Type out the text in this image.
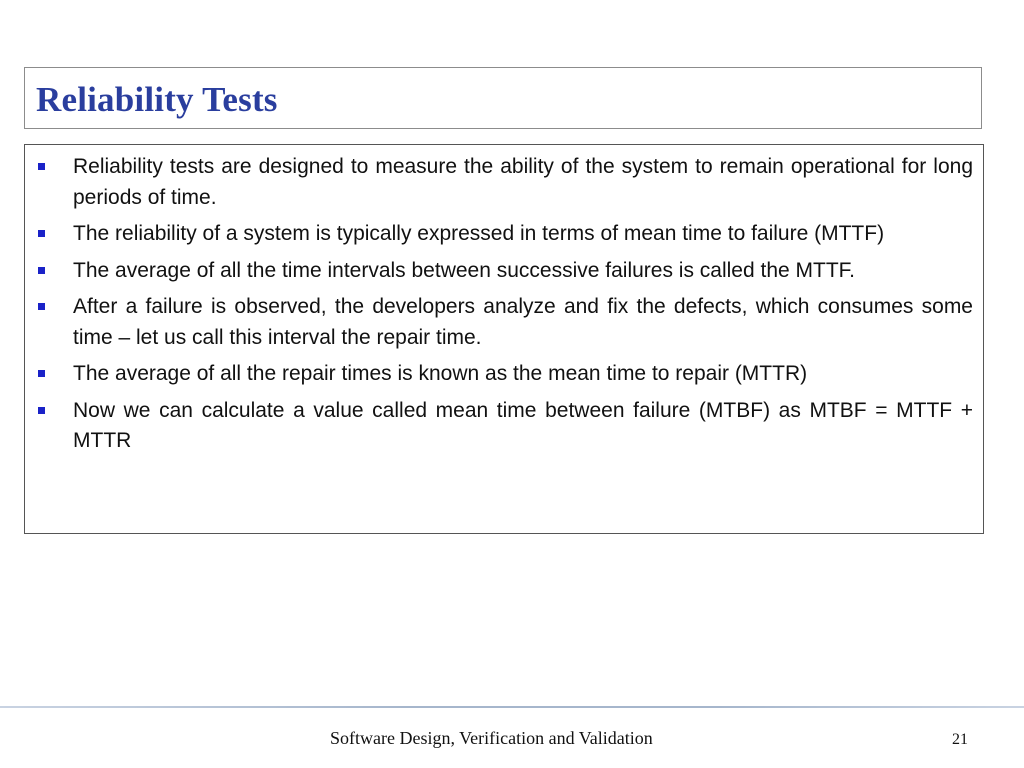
Reliability Tests
Reliability tests are designed to measure the ability of the system to remain operational for long periods of time.
The reliability of a system is typically expressed in terms of mean time to failure (MTTF)
The average of all the time intervals between successive failures is called the MTTF.
After a failure is observed, the developers analyze and fix the defects, which consumes some time – let us call this interval the repair time.
The average of all the repair times is known as the mean time to repair (MTTR)
Now we can calculate a value called mean time between failure (MTBF) as MTBF = MTTF + MTTR

Software Design, Verification and Validation	21
